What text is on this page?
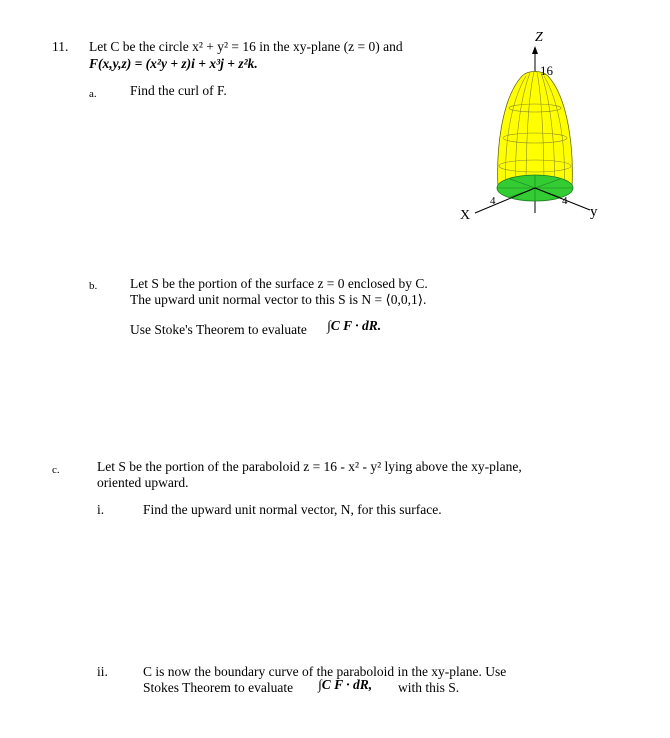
11. Let C be the circle x² + y² = 16 in the xy-plane (z = 0) and
F(x,y,z) = (x²y + z)i + x³j + z²k.
a. Find the curl of F.
Z
16
X
4	4
y
b. Let S be the portion of the surface z = 0 enclosed by C.
The upward unit normal vector to this S is N = ⟨0,0,1⟩.
Use Stoke's Theorem to evaluate ∫C F · dR.
c.	Let S be the portion of the paraboloid z = 16 - x² - y² lying above the xy-plane,
oriented upward.
i.	Find the upward unit normal vector, N, for this surface.
ii.	C is now the boundary curve of the paraboloid in the xy-plane. Use
Stokes Theorem to evaluate ∫C F · dR, with this S.
